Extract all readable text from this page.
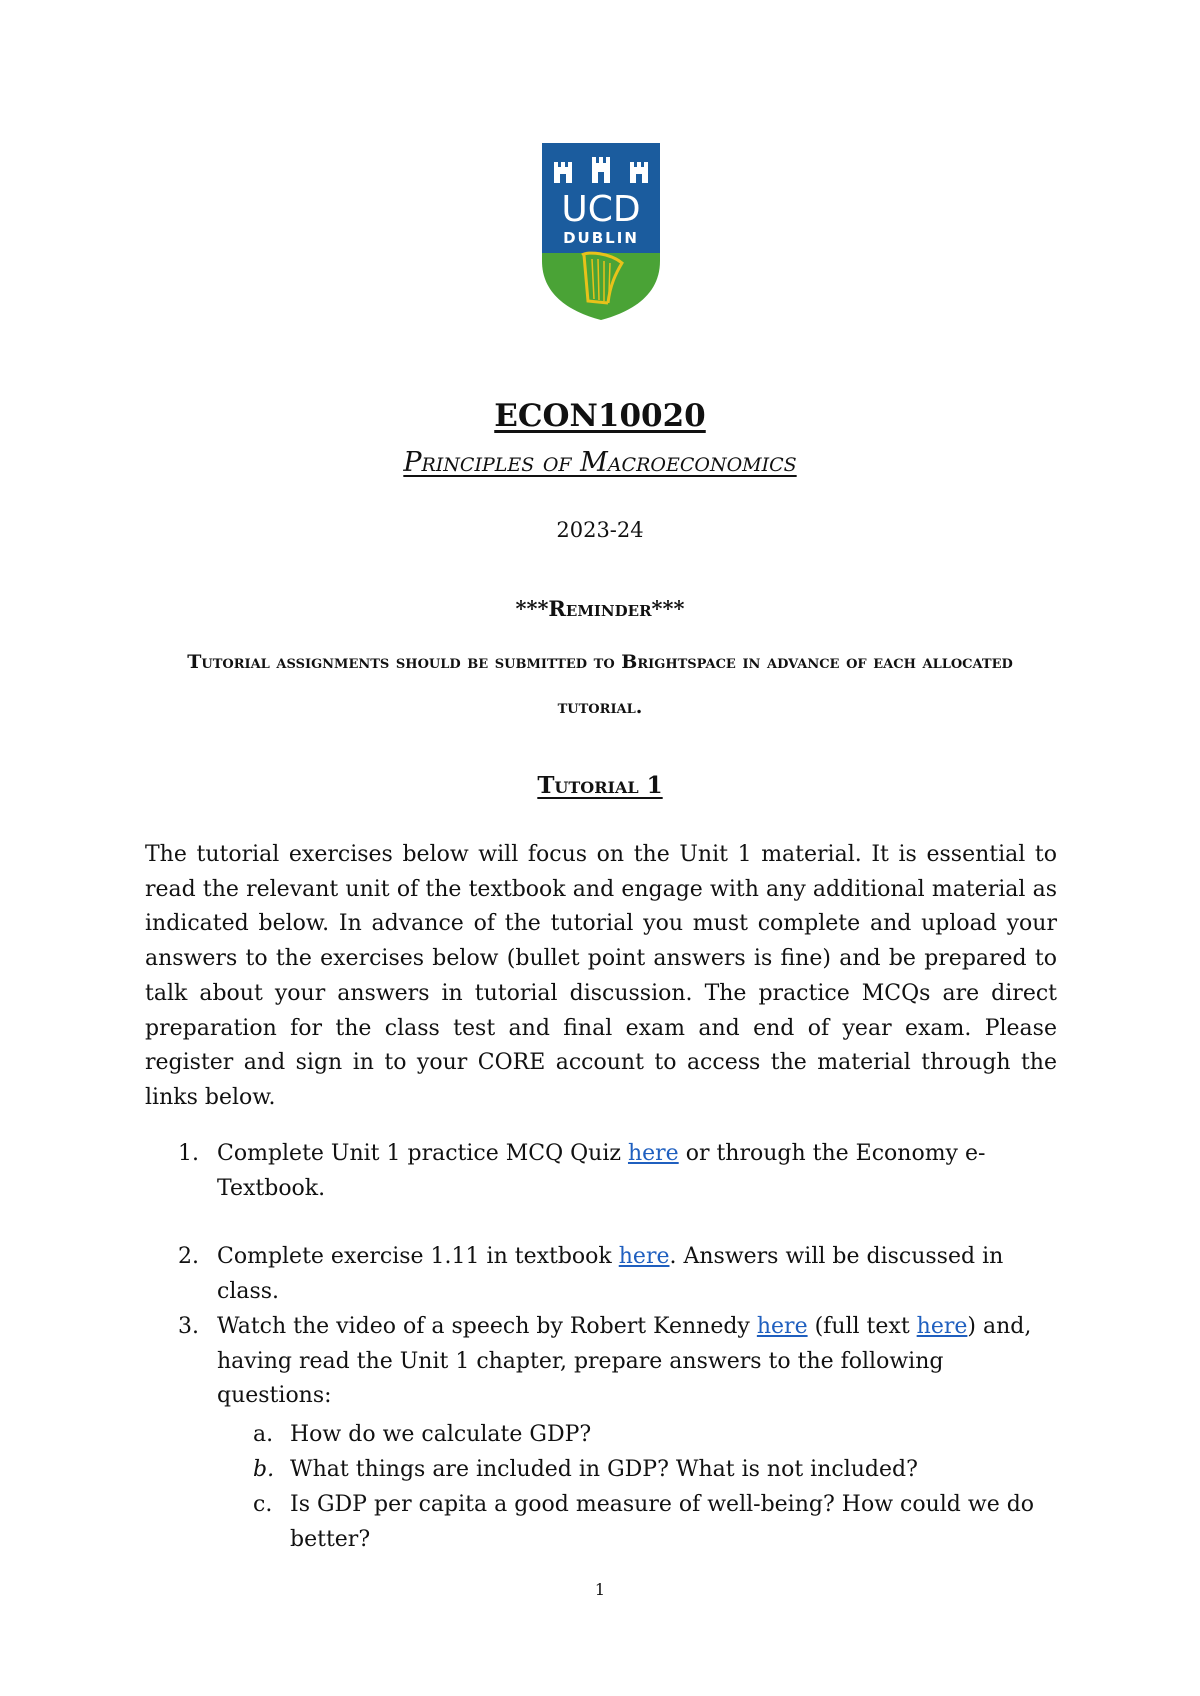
UCD
DUBLIN
ECON10020
Principles of Macroeconomics
2023-24
***Reminder***
Tutorial assignments should be submitted to Brightspace in advance of each allocated tutorial.
Tutorial 1

The tutorial exercises below will focus on the Unit 1 material. It is essential to read the relevant unit of the textbook and engage with any additional material as indicated below. In advance of the tutorial you must complete and upload your answers to the exercises below (bullet point answers is fine) and be prepared to talk about your answers in tutorial discussion. The practice MCQs are direct preparation for the class test and final exam and end of year exam. Please register and sign in to your CORE account to access the material through the links below.

1. Complete Unit 1 practice MCQ Quiz here or through the Economy e-
Textbook.
2. Complete exercise 1.11 in textbook here. Answers will be discussed in class.
3. Watch the video of a speech by Robert Kennedy here (full text here) and,
having read the Unit 1 chapter, prepare answers to the following questions:
a. How do we calculate GDP?
b. What things are included in GDP? What is not included?
c. Is GDP per capita a good measure of well-being? How could we do
better?
1
